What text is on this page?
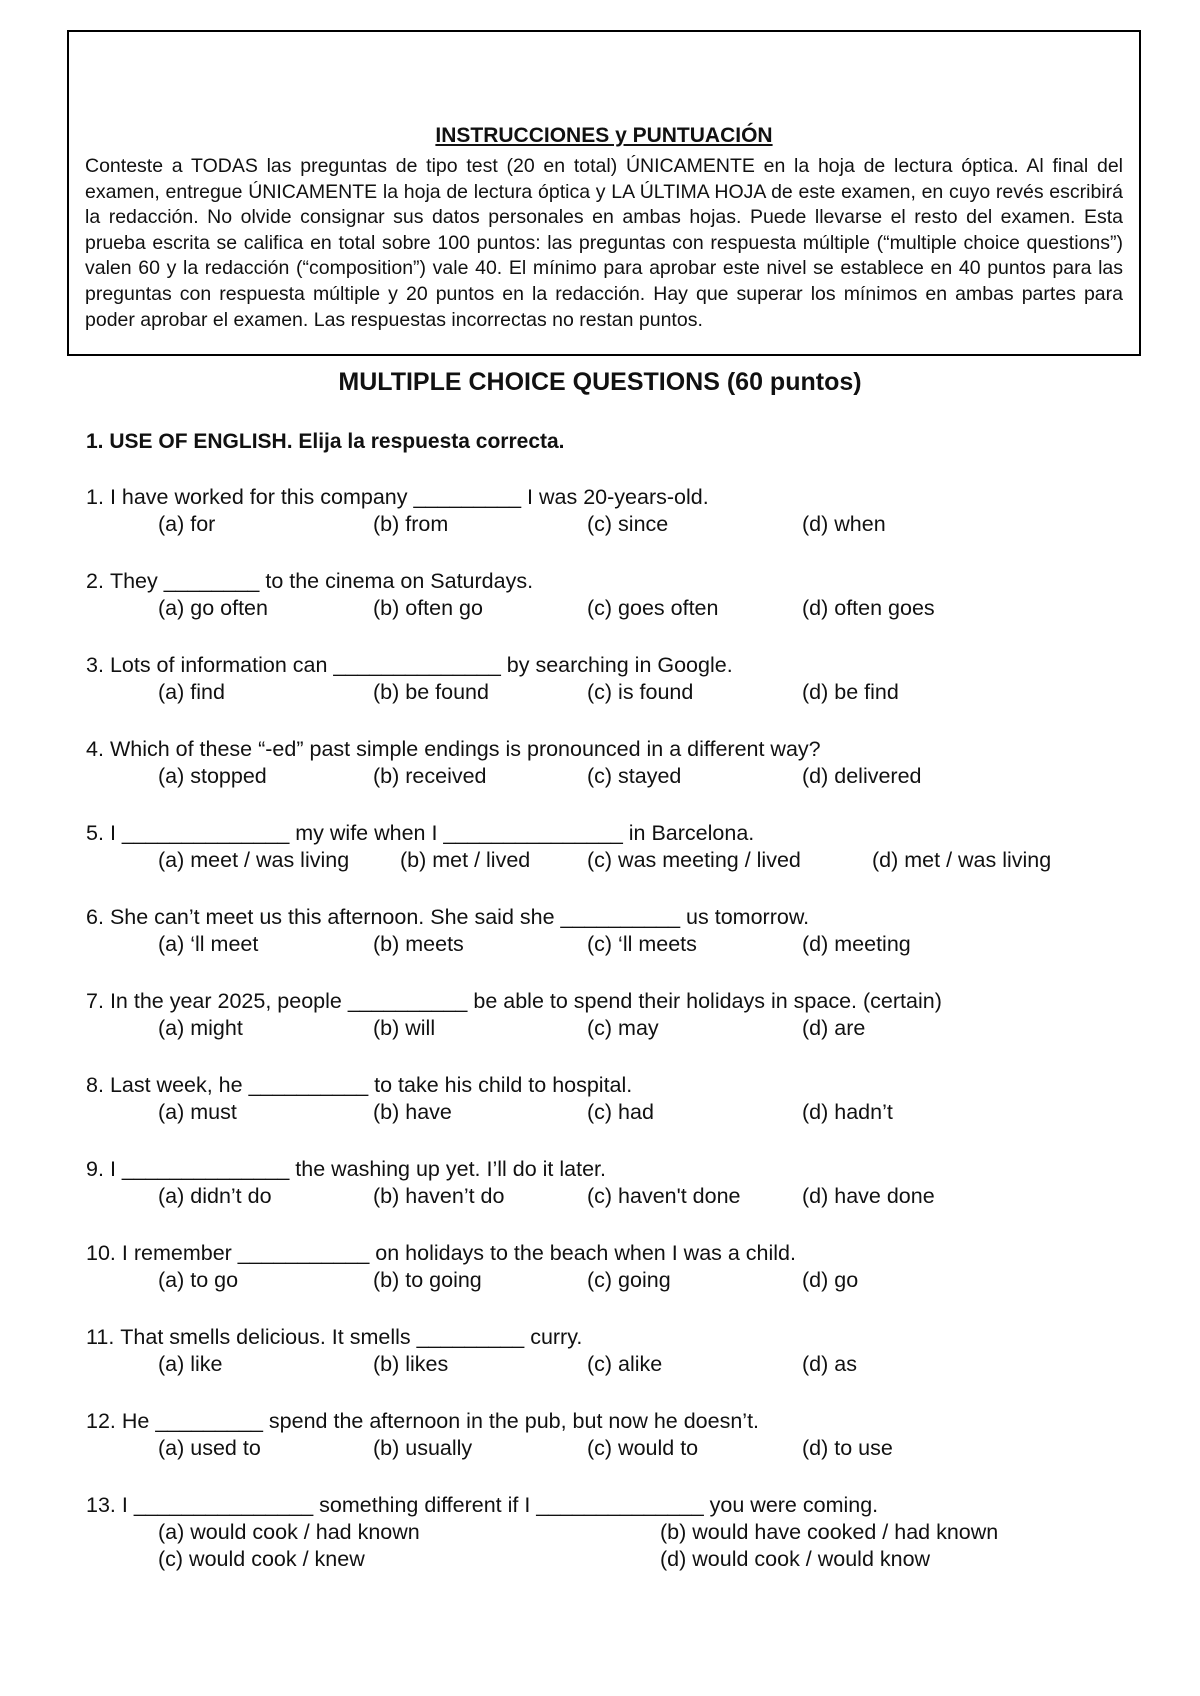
INSTRUCCIONES y PUNTUACIÓN

Conteste a TODAS las preguntas de tipo test (20 en total) ÚNICAMENTE en la hoja de lectura óptica. Al final del examen, entregue ÚNICAMENTE la hoja de lectura óptica y LA ÚLTIMA HOJA de este examen, en cuyo revés escribirá la redacción. No olvide consignar sus datos personales en ambas hojas. Puede llevarse el resto del examen. Esta prueba escrita se califica en total sobre 100 puntos: las preguntas con respuesta múltiple (“multiple choice questions”) valen 60 y la redacción (“composition”) vale 40. El mínimo para aprobar este nivel se establece en 40 puntos para las preguntas con respuesta múltiple y 20 puntos en la redacción. Hay que superar los mínimos en ambas partes para poder aprobar el examen. Las respuestas incorrectas no restan puntos.

MULTIPLE CHOICE QUESTIONS (60 puntos)
1. USE OF ENGLISH. Elija la respuesta correcta.
1. I have worked for this company _________ I was 20-years-old.
(a) for	(b) from	(c) since	(d) when
2. They ________ to the cinema on Saturdays.
(a) go often	(b) often go	(c) goes often	(d) often goes
3. Lots of information can ______________ by searching in Google.
(a) find	(b) be found	(c) is found	(d) be find
4. Which of these “-ed” past simple endings is pronounced in a different way?
(a) stopped	(b) received	(c) stayed	(d) delivered
5. I ______________ my wife when I _______________ in Barcelona.
(a) meet / was living (b) met / lived	(c) was meeting / lived	(d) met / was living
6. She can’t meet us this afternoon. She said she __________ us tomorrow.
(a) ‘ll meet	(b) meets	(c) ‘ll meets	(d) meeting
7. In the year 2025, people __________ be able to spend their holidays in space. (certain)
(a) might	(b) will	(c) may	(d) are
8. Last week, he __________ to take his child to hospital.
(a) must	(b) have	(c) had	(d) hadn’t
9. I ______________ the washing up yet. I’ll do it later.
(a) didn’t do	(b) haven’t do	(c) haven't done	(d) have done
10. I remember ___________ on holidays to the beach when I was a child.
(a) to go	(b) to going	(c) going	(d) go
11. That smells delicious. It smells _________ curry.
(a) like	(b) likes	(c) alike	(d) as
12. He _________ spend the afternoon in the pub, but now he doesn’t.
(a) used to	(b) usually	(c) would to	(d) to use
13. I _______________ something different if I ______________ you were coming.
(a) would cook / had known	(b) would have cooked / had known
(c) would cook / knew	(d) would cook / would know
